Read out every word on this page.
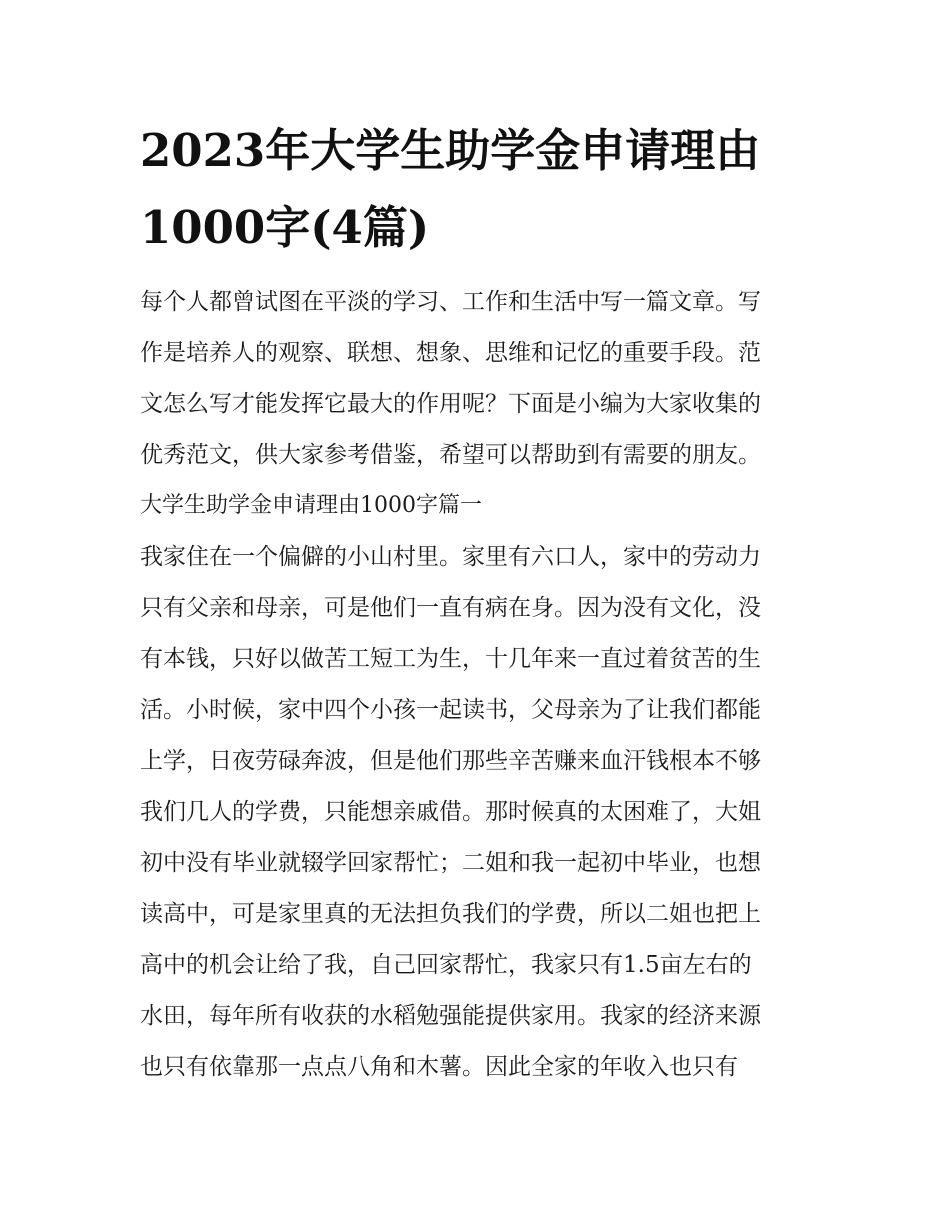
2023年大学生助学金申请理由
1000字(4篇)
每个人都曾试图在平淡的学习、工作和生活中写一篇文章。写
作是培养人的观察、联想、想象、思维和记忆的重要手段。范
文怎么写才能发挥它最大的作用呢？下面是小编为大家收集的
优秀范文，供大家参考借鉴，希望可以帮助到有需要的朋友。
大学生助学金申请理由1000字篇一
我家住在一个偏僻的小山村里。家里有六口人，家中的劳动力
只有父亲和母亲，可是他们一直有病在身。因为没有文化，没
有本钱，只好以做苦工短工为生，十几年来一直过着贫苦的生
活。小时候，家中四个小孩一起读书，父母亲为了让我们都能
上学，日夜劳碌奔波，但是他们那些辛苦赚来血汗钱根本不够
我们几人的学费，只能想亲戚借。那时候真的太困难了，大姐
初中没有毕业就辍学回家帮忙；二姐和我一起初中毕业，也想
读高中，可是家里真的无法担负我们的学费，所以二姐也把上
高中的机会让给了我，自己回家帮忙，我家只有1.5亩左右的
水田，每年所有收获的水稻勉强能提供家用。我家的经济来源
也只有依靠那一点点八角和木薯。因此全家的年收入也只有
